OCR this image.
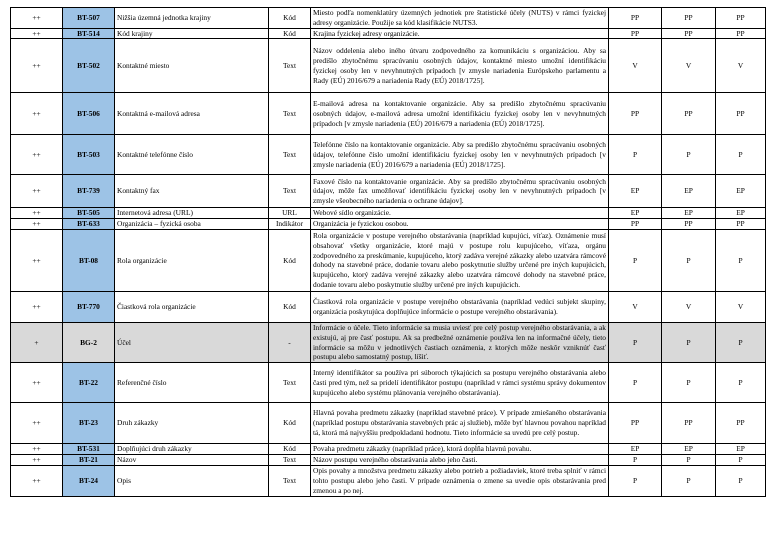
++	BT-507	Nižšia územná jednotka krajiny	Kód	Miesto podľa nomenklatúry územných jednotiek pre štatistické účely (NUTS) v rámci fyzickej adresy organizácie. Použije sa kód klasifikácie NUTS3.	PP	PP	PP
++	BT-514	Kód krajiny	Kód	Krajina fyzickej adresy organizácie.	PP	PP	PP
++	BT-502	Kontaktné miesto	Text	Názov oddelenia alebo iného útvaru zodpovedného za komunikáciu s organizáciou. Aby sa predišlo zbytočnému spracúvaniu osobných údajov, kontaktné miesto umožní identifikáciu fyzickej osoby len v nevyhnutných prípadoch [v zmysle nariadenia Európskeho parlamentu a Rady (EÚ) 2016/679 a nariadenia Rady (EÚ) 2018/1725].	V	V	V
++	BT-506	Kontaktná e-mailová adresa	Text	E-mailová adresa na kontaktovanie organizácie. Aby sa predišlo zbytočnému spracúvaniu osobných údajov, e-mailová adresa umožní identifikáciu fyzickej osoby len v nevyhnutných prípadoch [v zmysle nariadenia (EÚ) 2016/679 a nariadenia (EÚ) 2018/1725].	PP	PP	PP
++	BT-503	Kontaktné telefónne číslo	Text	Telefónne číslo na kontaktovanie organizácie. Aby sa predišlo zbytočnému spracúvaniu osobných údajov, telefónne číslo umožní identifikáciu fyzickej osoby len v nevyhnutných prípadoch [v zmysle nariadenia (EÚ) 2016/679 a nariadenia (EÚ) 2018/1725].	P	P	P
++	BT-739	Kontaktný fax	Text	Faxové číslo na kontaktovanie organizácie. Aby sa predišlo zbytočnému spracúvaniu osobných údajov, môže fax umožňovať identifikáciu fyzickej osoby len v nevyhnutných prípadoch [v zmysle všeobecného nariadenia o ochrane údajov].	EP	EP	EP
++	BT-505	Internetová adresa (URL)	URL	Webové sídlo organizácie.	EP	EP	EP
++	BT-633	Organizácia – fyzická osoba	Indikátor	Organizácia je fyzickou osobou.	PP	PP	PP
++	BT-08	Rola organizácie	Kód	Rola organizácie v postupe verejného obstarávania (napríklad kupujúci, víťaz). Oznámenie musí obsahovať všetky organizácie, ktoré majú v postupe rolu kupujúceho, víťaza, orgánu zodpovedného za preskúmanie, kupujúceho, ktorý zadáva verejné zákazky alebo uzatvára rámcové dohody na stavebné práce, dodanie tovaru alebo poskytnutie služby určené pre iných kupujúcich, kupujúceho, ktorý zadáva verejné zákazky alebo uzatvára rámcové dohody na stavebné práce, dodanie tovaru alebo poskytnutie služby určené pre iných kupujúcich.	P	P	P
++	BT-770	Čiastková rola organizácie	Kód	Čiastková rola organizácie v postupe verejného obstarávania (napríklad vedúci subjekt skupiny, organizácia poskytujúca doplňujúce informácie o postupe verejného obstarávania).	V	V	V
+	BG-2	Účel	-	Informácie o účele. Tieto informácie sa musia uviesť pre celý postup verejného obstarávania, a ak existujú, aj pre časť postupu. Ak sa predbežné oznámenie používa len na informačné účely, tieto informácie sa môžu v jednotlivých častiach oznámenia, z ktorých môže neskôr vzniknúť časť postupu alebo samostatný postup, líšiť.	P	P	P
++	BT-22	Referenčné číslo	Text	Interný identifikátor sa používa pri súboroch týkajúcich sa postupu verejného obstarávania alebo časti pred tým, než sa pridelí identifikátor postupu (napríklad v rámci systému správy dokumentov kupujúceho alebo systému plánovania verejného obstarávania).	P	P	P
++	BT-23	Druh zákazky	Kód	Hlavná povaha predmetu zákazky (napríklad stavebné práce). V prípade zmiešaného obstarávania (napríklad postupu obstarávania stavebných prác aj služieb), môže byť hlavnou povahou napríklad tá, ktorá má najvyššiu predpokladanú hodnotu. Tieto informácie sa uvedú pre celý postup.	PP	PP	PP
++	BT-531	Doplňujúci druh zákazky	Kód	Povaha predmetu zákazky (napríklad práce), ktorá dopĺňa hlavnú povahu.	EP	EP	EP
++	BT-21	Názov	Text	Názov postupu verejného obstarávania alebo jeho časti.	P	P	P
++	BT-24	Opis	Text	Opis povahy a množstva predmetu zákazky alebo potrieb a požiadaviek, ktoré treba splniť v rámci tohto postupu alebo jeho časti. V prípade oznámenia o zmene sa uvedie opis obstarávania pred zmenou a po nej.	P	P	P
